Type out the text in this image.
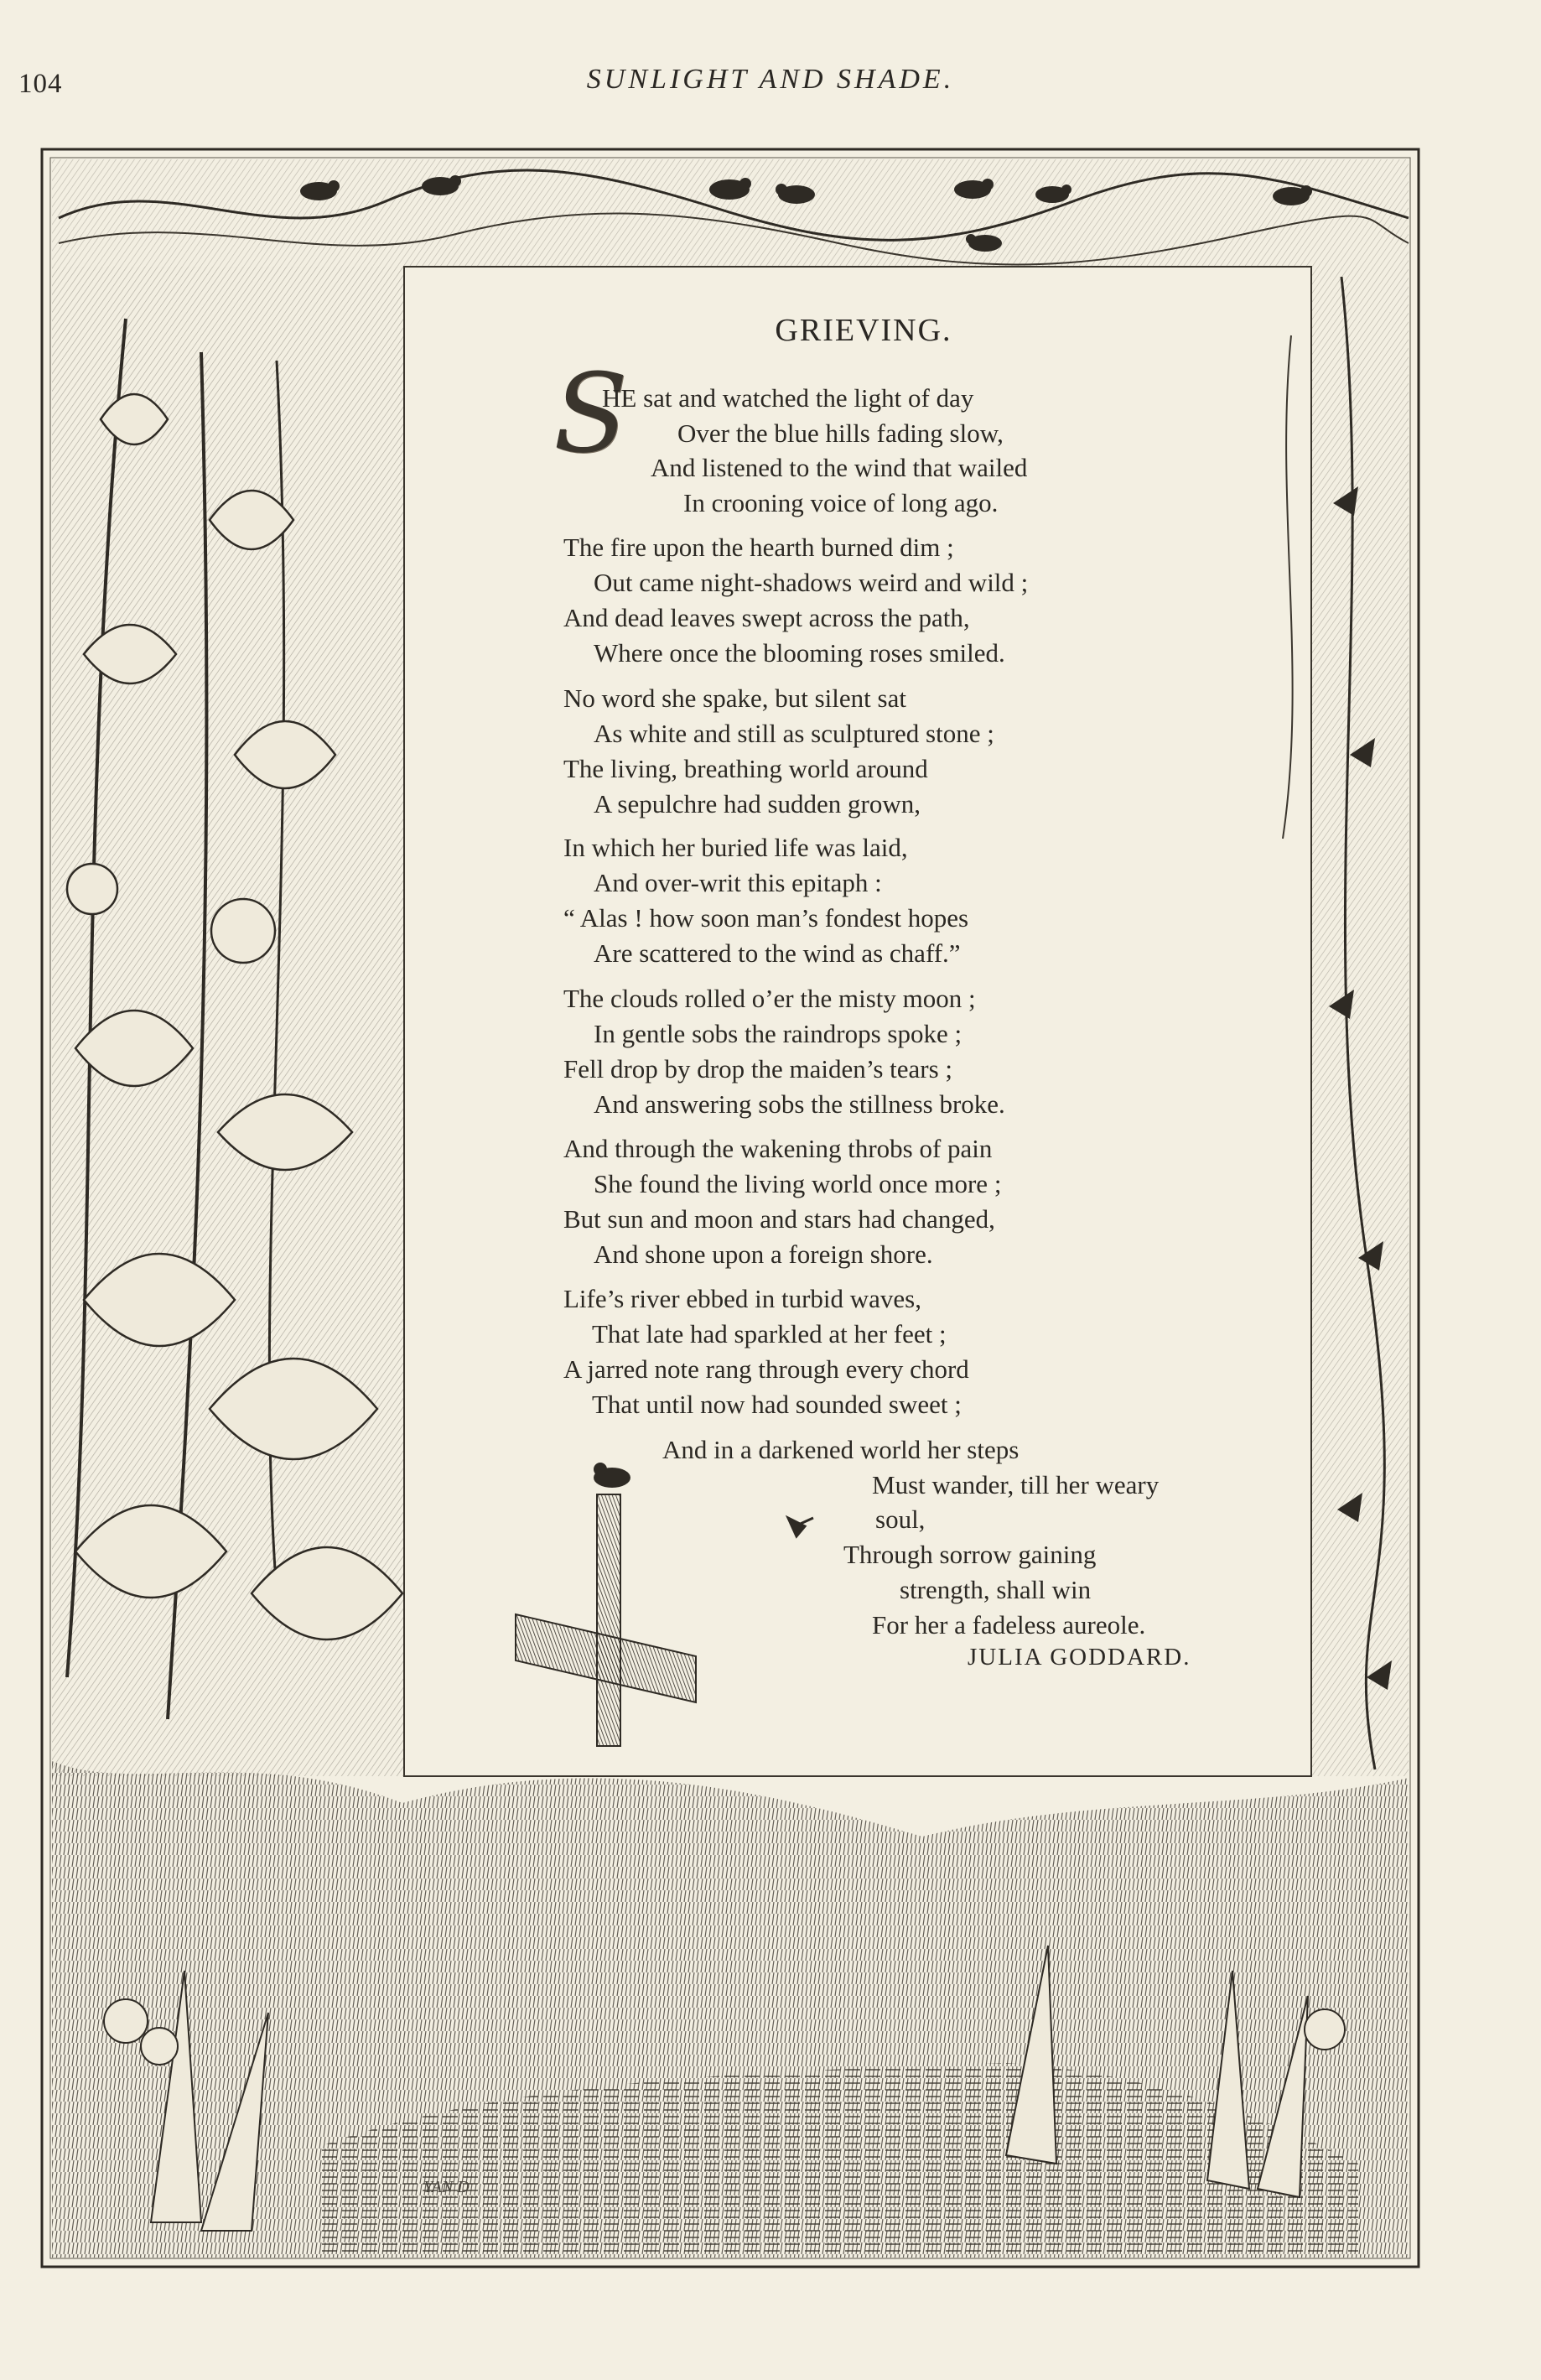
104	SUNLIGHT AND SHADE.
GRIEVING.
S
HE sat and watched the light of day
Over the blue hills fading slow,
And listened to the wind that wailed
In crooning voice of long ago.
The fire upon the hearth burned dim ;
Out came night-shadows weird and wild ;
And dead leaves swept across the path,
Where once the blooming roses smiled.
No word she spake, but silent sat
As white and still as sculptured stone ;
The living, breathing world around
A sepulchre had sudden grown,
In which her buried life was laid,
And over-writ this epitaph :
“ Alas ! how soon man’s fondest hopes
Are scattered to the wind as chaff.”
The clouds rolled o’er the misty moon ;
In gentle sobs the raindrops spoke ;
Fell drop by drop the maiden’s tears ;
And answering sobs the stillness broke.
And through the wakening throbs of pain
She found the living world once more ;
But sun and moon and stars had changed,
And shone upon a foreign shore.
Life’s river ebbed in turbid waves,
That late had sparkled at her feet ;
A jarred note rang through every chord
That until now had sounded sweet ;
And in a darkened world her steps
Must wander, till her weary
soul,
Through sorrow gaining
strength, shall win
For her a fadeless aureole.
JULIA GODDARD.
YAN D
